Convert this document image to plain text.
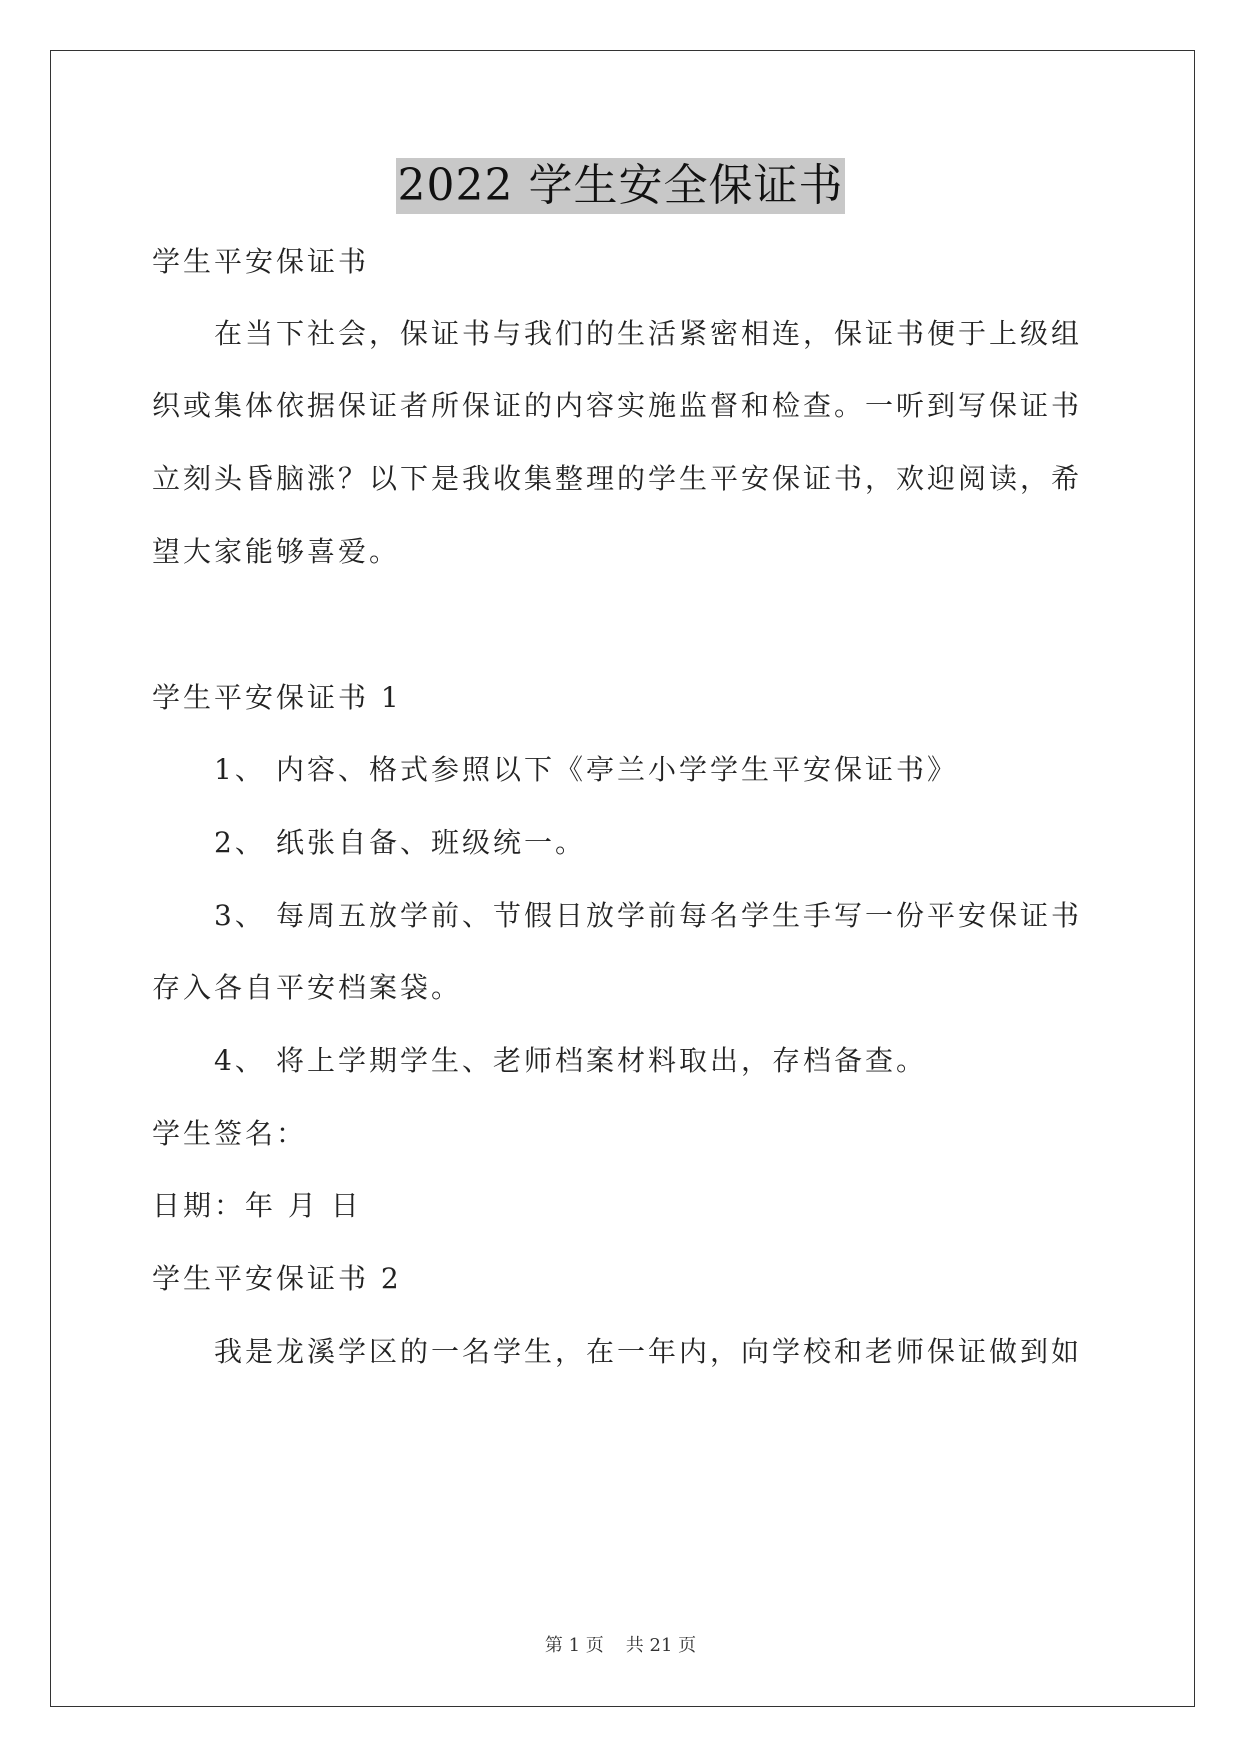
2022 学生安全保证书
学生平安保证书
在当下社会，保证书与我们的生活紧密相连，保证书便于上级组
织或集体依据保证者所保证的内容实施监督和检查。一听到写保证书
立刻头昏脑涨？以下是我收集整理的学生平安保证书，欢迎阅读，希
望大家能够喜爱。
学生平安保证书 1
1、 内容、格式参照以下《亭兰小学学生平安保证书》
2、 纸张自备、班级统一。
3、 每周五放学前、节假日放学前每名学生手写一份平安保证书
存入各自平安档案袋。
4、 将上学期学生、老师档案材料取出，存档备查。
学生签名：
日期：年 月 日
学生平安保证书 2
我是龙溪学区的一名学生，在一年内，向学校和老师保证做到如
第 1 页 共 21 页
